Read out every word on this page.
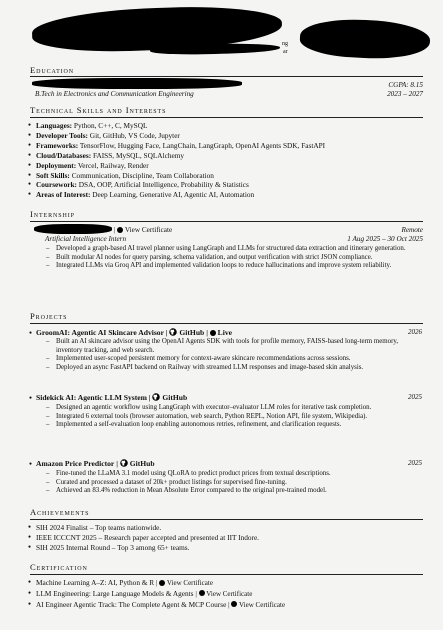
ng
ar
Education
CGPA: 8.15
B.Tech in Electronics and Communication Engineering	2023 – 2027
Technical Skills and Interests
● Languages: Python, C++, C, MySQL
● Developer Tools: Git, GitHub, VS Code, Jupyter
● Frameworks: TensorFlow, Hugging Face, LangChain, LangGraph, OpenAI Agents SDK, FastAPI
● Cloud/Databases: FAISS, MySQL, SQLAlchemy
● Deployment: Vercel, Railway, Render
● Soft Skills: Communication, Discipline, Team Collaboration
● Coursework: DSA, OOP, Artificial Intelligence, Probability & Statistics
● Areas of Interest: Deep Learning, Generative AI, Agentic AI, Automation
Internship
|  View Certificate	Remote
Artificial Intelligence Intern	1 Aug 2025 – 30 Oct 2025

– Developed a graph-based AI travel planner using LangGraph and LLMs for structured data extraction and itinerary generation.

– Built modular AI nodes for query parsing, schema validation, and output verification with strict JSON compliance.

– Integrated LLMs via Groq API and implemented validation loops to reduce hallucinations and improve system reliability.

Projects
● GroomAI: Agentic AI Skincare Advisor |  GitHub |  Live	2026

– Built an AI skincare advisor using the OpenAI Agents SDK with tools for profile memory, FAISS-based long-term memory, inventory tracking, and web search.

– Implemented user-scoped persistent memory for context-aware skincare recommendations across sessions.

– Deployed an async FastAPI backend on Railway with streamed LLM responses and image-based skin analysis.

● Sidekick AI: Agentic LLM System |  GitHub	2025

– Designed an agentic workflow using LangGraph with executor–evaluator LLM roles for iterative task completion.

– Integrated 6 external tools (browser automation, web search, Python REPL, Notion API, file system, Wikipedia).

– Implemented a self-evaluation loop enabling autonomous retries, refinement, and clarification requests.

● Amazon Price Predictor |  GitHub	2025

– Fine-tuned the LLaMA 3.1 model using QLoRA to predict product prices from textual descriptions.

– Curated and processed a dataset of 20k+ product listings for supervised fine-tuning.

– Achieved an 83.4% reduction in Mean Absolute Error compared to the original pre-trained model.

Achievements
● SIH 2024 Finalist – Top teams nationwide.
● IEEE ICCCNT 2025 – Research paper accepted and presented at IIT Indore.
● SIH 2025 Internal Round – Top 3 among 65+ teams.
Certification
● Machine Learning A–Z: AI, Python & R | View Certificate
● LLM Engineering: Large Language Models & Agents | View Certificate
● AI Engineer Agentic Track: The Complete Agent & MCP Course | View Certificate
